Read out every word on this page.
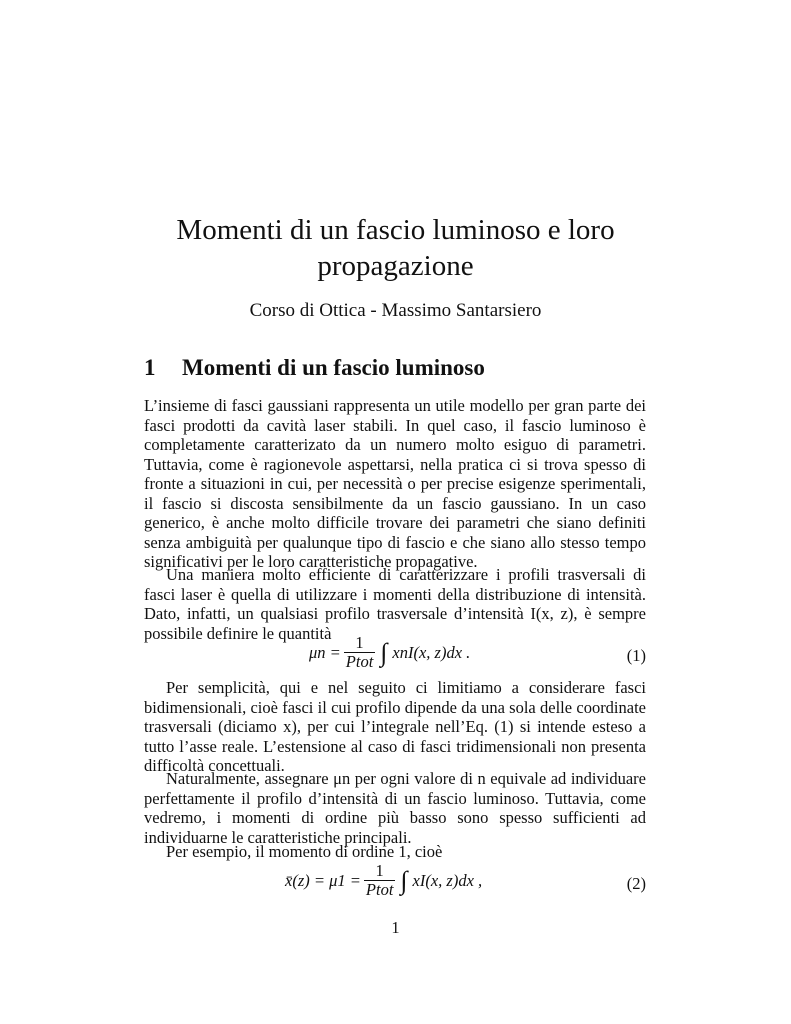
Momenti di un fascio luminoso e loro propagazione
Corso di Ottica - Massimo Santarsiero
1 Momenti di un fascio luminoso

L’insieme di fasci gaussiani rappresenta un utile modello per gran parte dei fasci prodotti da cavità laser stabili. In quel caso, il fascio luminoso è completamente caratterizato da un numero molto esiguo di parametri. Tuttavia, come è ragionevole aspettarsi, nella pratica ci si trova spesso di fronte a situazioni in cui, per necessità o per precise esigenze sperimentali, il fascio si discosta sensibilmente da un fascio gaussiano. In un caso generico, è anche molto difficile trovare dei parametri che siano definiti senza ambiguità per qualunque tipo di fascio e che siano allo stesso tempo significativi per le loro caratteristiche propagative.

Una maniera molto efficiente di caratterizzare i profili trasversali di fasci laser è quella di utilizzare i momenti della distribuzione di intensità. Dato, infatti, un qualsiasi profilo trasversale d’intensità I(x, z), è sempre possibile definire le quantità

$\mu n = \frac{1}{\text{Ptot}}$ ∫ xnI(x, z)dx .	(1)

Per semplicità, qui e nel seguito ci limitiamo a considerare fasci bidimensionali, cioè fasci il cui profilo dipende da una sola delle coordinate trasversali (diciamo x), per cui l’integrale nell’Eq. (1) si intende esteso a tutto l’asse reale. L’estensione al caso di fasci tridimensionali non presenta difficoltà concettuali.

Naturalmente, assegnare μn per ogni valore di n equivale ad individuare perfettamente il profilo d’intensità di un fascio luminoso. Tuttavia, come vedremo, i momenti di ordine più basso sono spesso sufficienti ad individuarne le caratteristiche principali.

Per esempio, il momento di ordine 1, cioè

x̄(z) = $\mu 1 = \frac{1}{\text{Ptot}}$ ∫ xI(x, z)dx ,	(2)
1
